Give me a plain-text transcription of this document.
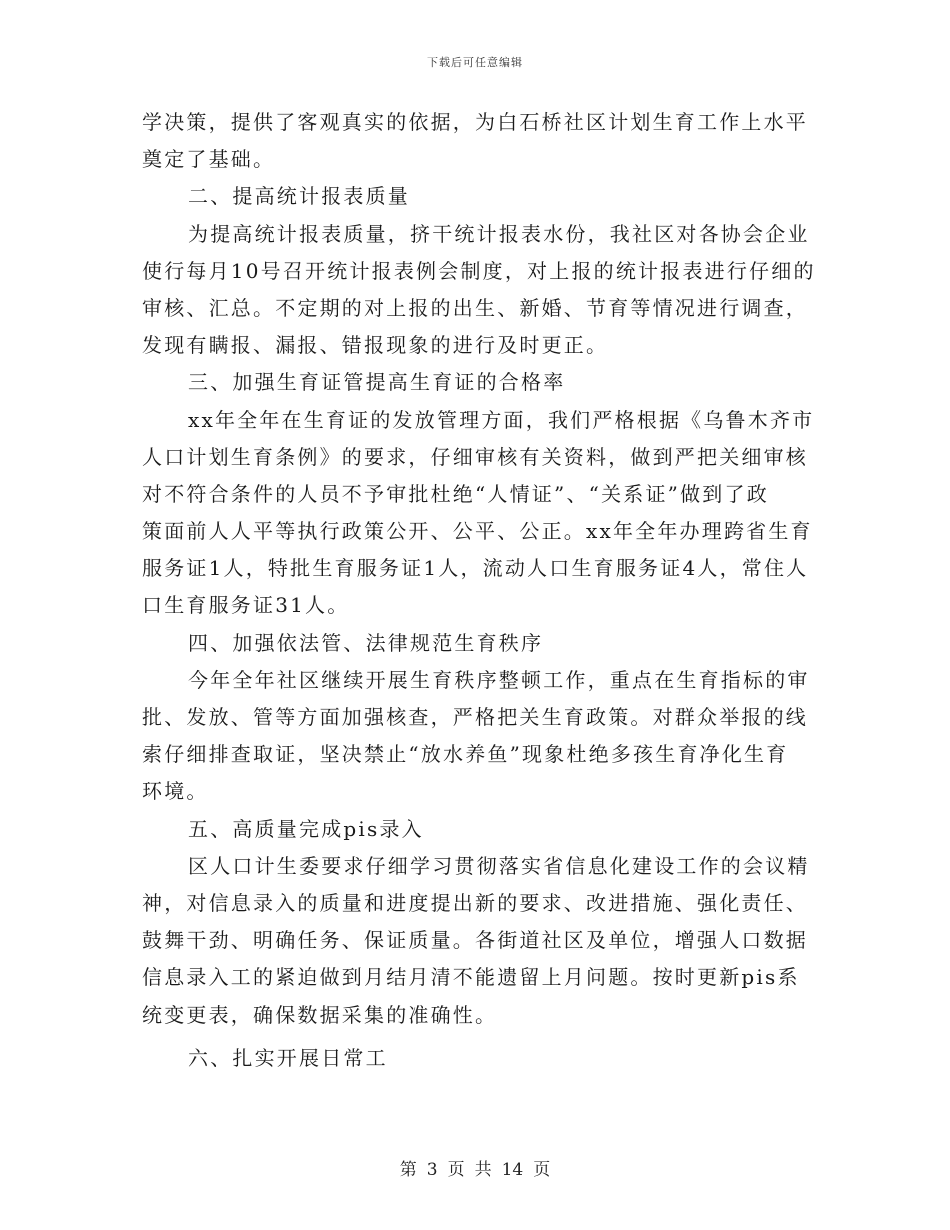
下载后可任意编辑
学决策，提供了客观真实的依据，为白石桥社区计划生育工作上水平
奠定了基础。
二、提高统计报表质量
为提高统计报表质量，挤干统计报表水份，我社区对各协会企业
使行每月10号召开统计报表例会制度，对上报的统计报表进行仔细的
审核、汇总。不定期的对上报的出生、新婚、节育等情况进行调查，
发现有瞒报、漏报、错报现象的进行及时更正。
三、加强生育证管提高生育证的合格率
xx年全年在生育证的发放管理方面，我们严格根据《乌鲁木齐市
人口计划生育条例》的要求，仔细审核有关资料，做到严把关细审核
对不符合条件的人员不予审批杜绝“人情证”、“关系证”做到了政
策面前人人平等执行政策公开、公平、公正。xx年全年办理跨省生育
服务证1人，特批生育服务证1人，流动人口生育服务证4人，常住人
口生育服务证31人。
四、加强依法管、法律规范生育秩序
今年全年社区继续开展生育秩序整顿工作，重点在生育指标的审
批、发放、管等方面加强核查，严格把关生育政策。对群众举报的线
索仔细排查取证，坚决禁止“放水养鱼”现象杜绝多孩生育净化生育
环境。
五、高质量完成pis录入
区人口计生委要求仔细学习贯彻落实省信息化建设工作的会议精
神，对信息录入的质量和进度提出新的要求、改进措施、强化责任、
鼓舞干劲、明确任务、保证质量。各街道社区及单位，增强人口数据
信息录入工的紧迫做到月结月清不能遗留上月问题。按时更新pis系
统变更表，确保数据采集的准确性。
六、扎实开展日常工
第 3 页 共 14 页
